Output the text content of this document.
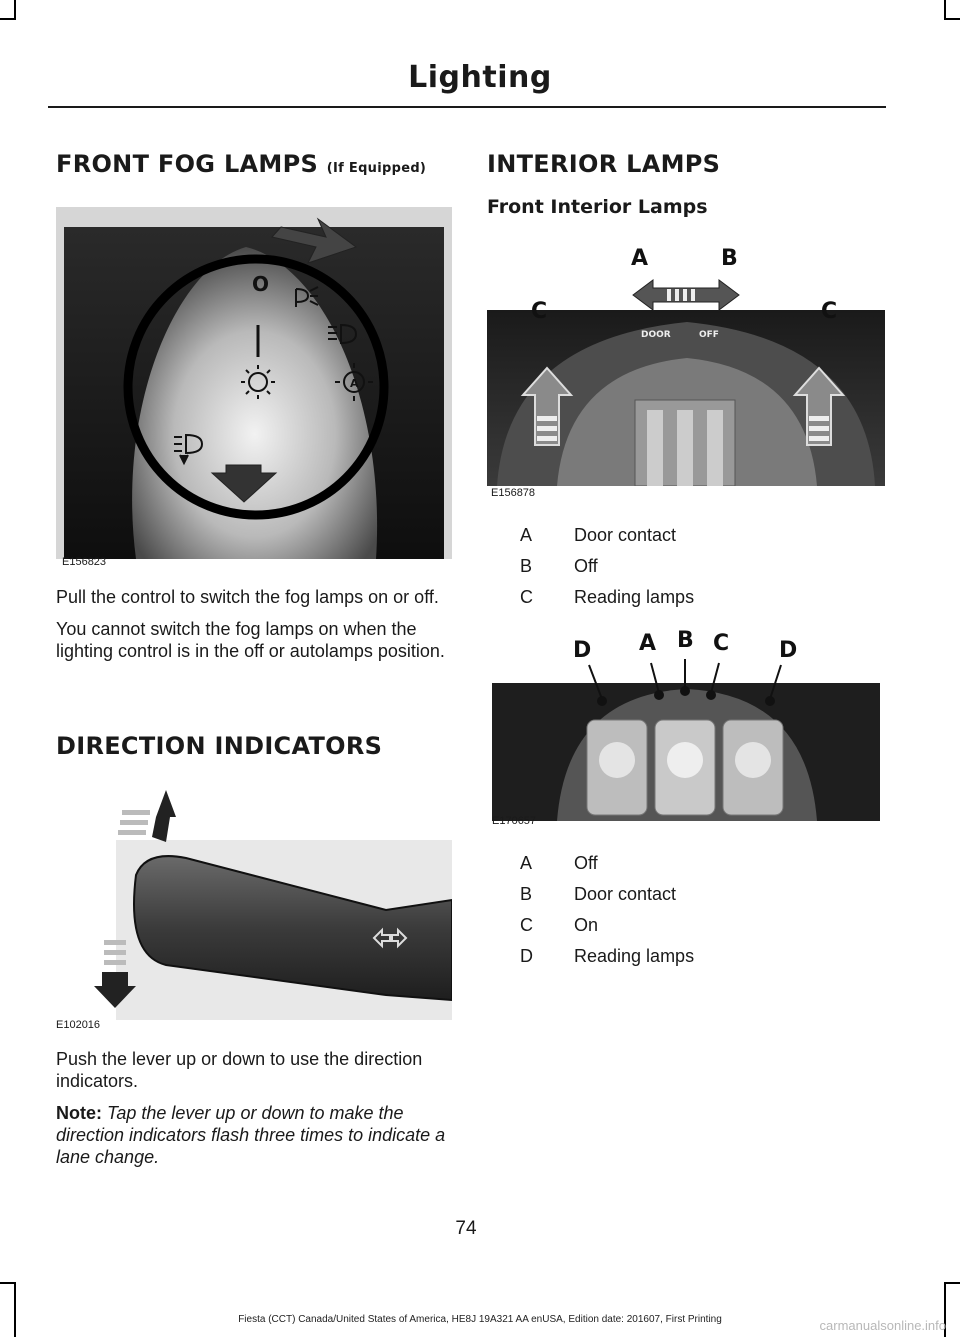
Lighting
FRONT FOG LAMPS (If Equipped)
O
A
E156823

Pull the control to switch the fog lamps on or off.

You cannot switch the fog lamps on when the lighting control is in the off or autolamps position.

DIRECTION INDICATORS
E102016

Push the lever up or down to use the direction indicators.

Note: Tap the lever up or down to make the direction indicators flash three times to indicate a lane change.

INTERIOR LAMPS
Front Interior Lamps
A	B
C	C
DOOR	OFF
E156878
A	Door contact
B	Off
C	Reading lamps
D A B C D
E170657
A	Off
B	Door contact
C	On
D	Reading lamps
74
Fiesta (CCT) Canada/United States of America, HE8J 19A321 AA enUSA, Edition date: 201607, First Printing	carmanualsonline.info
